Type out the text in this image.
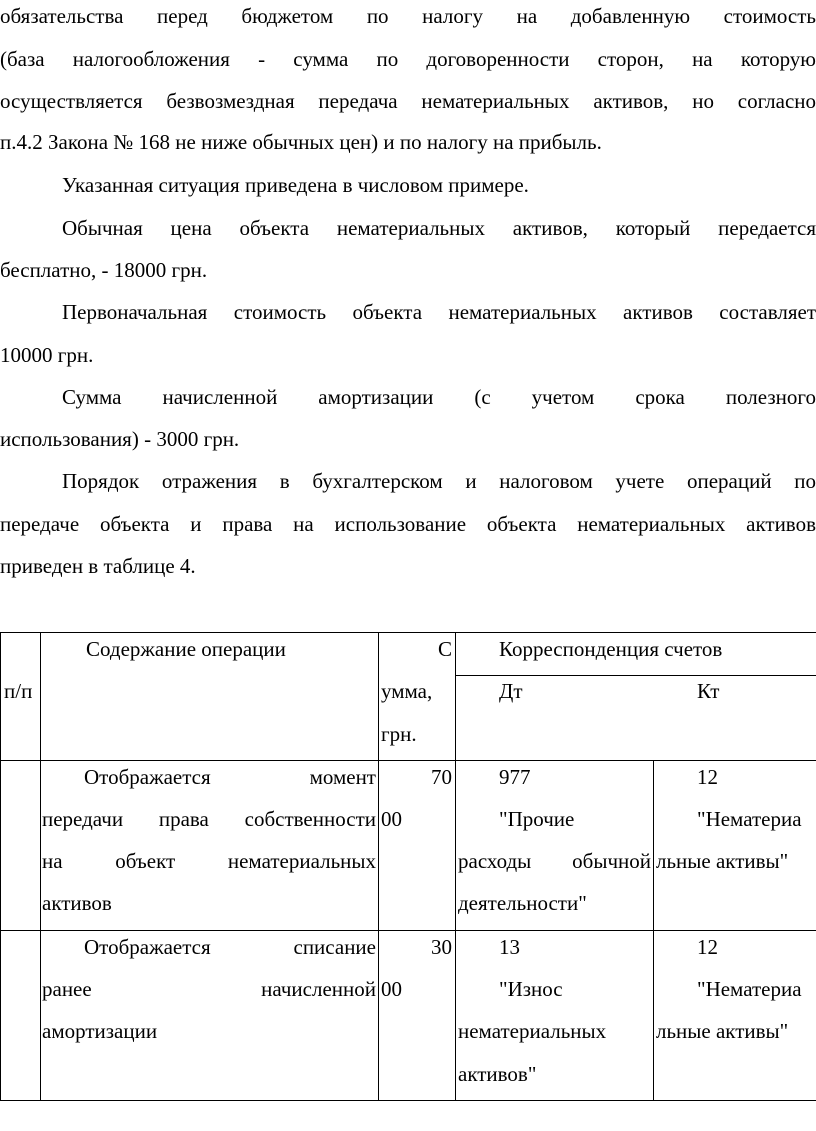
обязательства перед бюджетом по налогу на добавленную стоимость
(база налогообложения - сумма по договоренности сторон, на которую
осуществляется безвозмездная передача нематериальных активов, но согласно
п.4.2 Закона № 168 не ниже обычных цен) и по налогу на прибыль.
Указанная ситуация приведена в числовом примере.
Обычная цена объекта нематериальных активов, который передается
бесплатно, - 18000 грн.
Первоначальная стоимость объекта нематериальных активов составляет
10000 грн.
Сумма начисленной амортизации (с учетом срока полезного
использования) - 3000 грн.
Порядок отражения в бухгалтерском и налоговом учете операций по
передаче объекта и права на использование объекта нематериальных активов
приведен в таблице 4.
п/п
Содержание операции	С
умма,
грн.
Корреспонденция счетов
Дт	Кт
Отображается момент
передачи права собственности
на объект нематериальных
активов
70
00
977
"Прочие
расходы обычной
деятельности"
12
"Нематериа
льные активы"
Отображается списание
ранее начисленной
амортизации
30
00
13
"Износ
нематериальных
активов"
12
"Нематериа
льные активы"
